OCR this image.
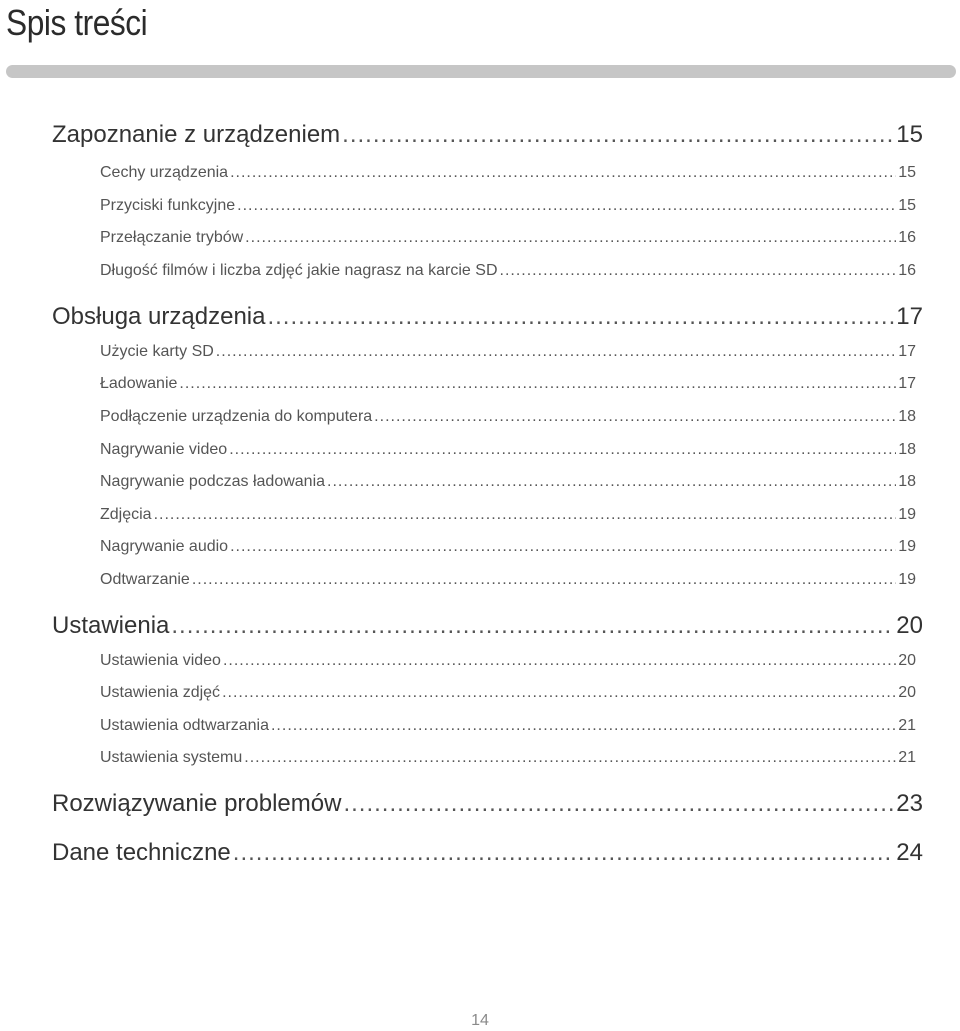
Spis treści
Zapoznanie z urządzeniem .....	15
Cechy urządzenia .....	15
Przyciski funkcyjne .....	15
Przełączanie trybów .....	16
Długość filmów i liczba zdjęć jakie nagrasz na karcie SD .....	16
Obsługa urządzenia .....	17
Użycie karty SD .....	17
Ładowanie .....	17
Podłączenie urządzenia do komputera .....	18
Nagrywanie video .....	18
Nagrywanie podczas ładowania .....	18
Zdjęcia .....	19
Nagrywanie audio .....	19
Odtwarzanie .....	19
Ustawienia .....	20
Ustawienia video .....	20
Ustawienia zdjęć .....	20
Ustawienia odtwarzania .....	21
Ustawienia systemu .....	21
Rozwiązywanie problemów .....	23
Dane techniczne .....	24
14
